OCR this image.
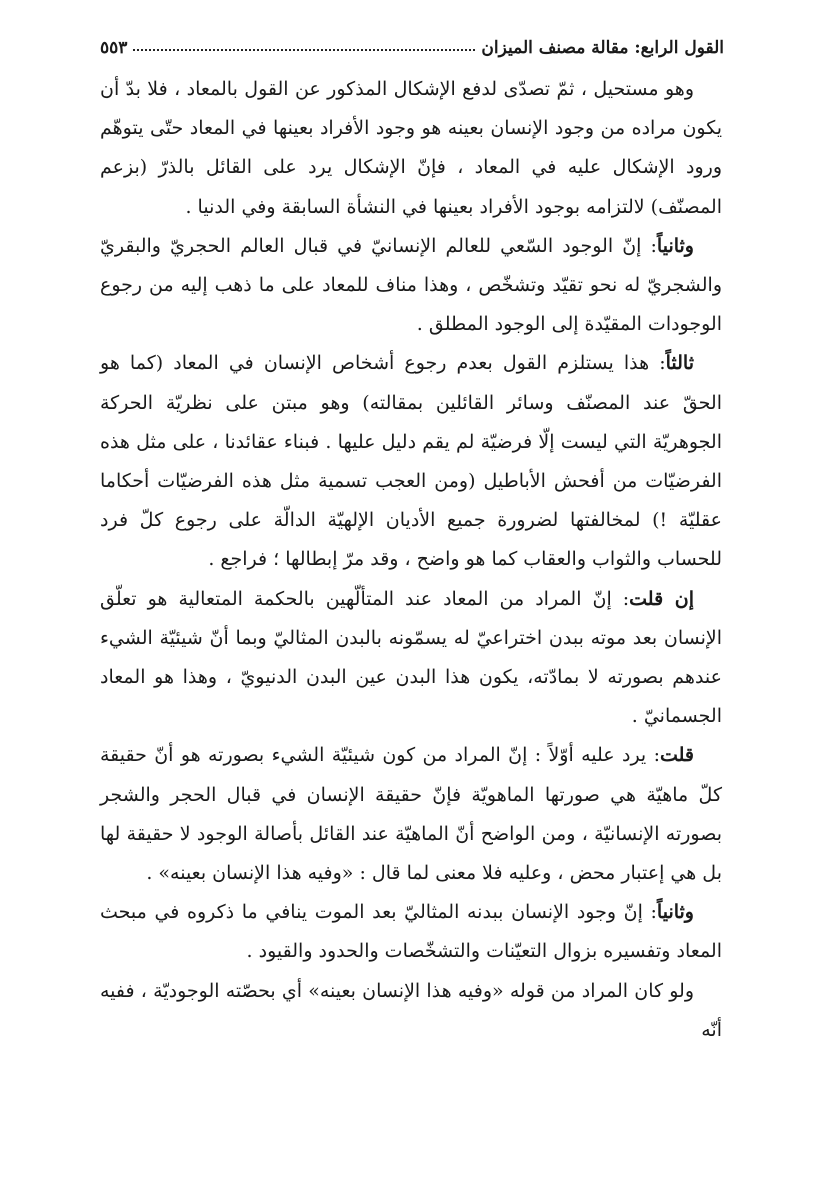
القول الرابع: مقالة مصنف الميزان
٥٥٣

وهو مستحيل ، ثمّ تصدّى لدفع الإشكال المذكور عن القول بالمعاد ، فلا بدّ أن يكون مراده من وجود الإنسان بعينه هو وجود الأفراد بعينها في المعاد حتّى يتوهّم ورود الإشكال عليه في المعاد ، فإنّ الإشكال يرد على القائل بالذرّ (بزعم المصنّف) لالتزامه بوجود الأفراد بعينها في النشأة السابقة وفي الدنيا .

وثانياً: إنّ الوجود السّعي للعالم الإنسانيّ في قبال العالم الحجريّ والبقريّ والشجريّ له نحو تقيّد وتشخّص ، وهذا مناف للمعاد على ما ذهب إليه من رجوع الوجودات المقيّدة إلى الوجود المطلق .

ثالثاً: هذا يستلزم القول بعدم رجوع أشخاص الإنسان في المعاد (كما هو الحقّ عند المصنّف وسائر القائلين بمقالته) وهو مبتن على نظريّة الحركة الجوهريّة التي ليست إلّا فرضيّة لم يقم دليل عليها . فبناء عقائدنا ، على مثل هذه الفرضيّات من أفحش الأباطيل (ومن العجب تسمية مثل هذه الفرضيّات أحكاما عقليّة !) لمخالفتها لضرورة جميع الأديان الإلهيّة الدالّة على رجوع كلّ فرد للحساب والثواب والعقاب كما هو واضح ، وقد مرّ إبطالها ؛ فراجع .

إن قلت: إنّ المراد من المعاد عند المتألّهين بالحكمة المتعالية هو تعلّق الإنسان بعد موته ببدن اختراعيّ له يسمّونه بالبدن المثاليّ وبما أنّ شيئيّة الشيء عندهم بصورته لا بمادّته، يكون هذا البدن عين البدن الدنيويّ ، وهذا هو المعاد الجسمانيّ .

قلت: يرد عليه أوّلاً : إنّ المراد من كون شيئيّة الشيء بصورته هو أنّ حقيقة كلّ ماهيّة هي صورتها الماهويّة فإنّ حقيقة الإنسان في قبال الحجر والشجر بصورته الإنسانيّة ، ومن الواضح أنّ الماهيّة عند القائل بأصالة الوجود لا حقيقة لها بل هي إعتبار محض ، وعليه فلا معنى لما قال : «وفيه هذا الإنسان بعينه» .

وثانياً: إنّ وجود الإنسان ببدنه المثاليّ بعد الموت ينافي ما ذكروه في مبحث المعاد وتفسيره بزوال التعيّنات والتشخّصات والحدود والقيود .

ولو كان المراد من قوله «وفيه هذا الإنسان بعينه» أي بحصّته الوجوديّة ، ففيه أنّه
